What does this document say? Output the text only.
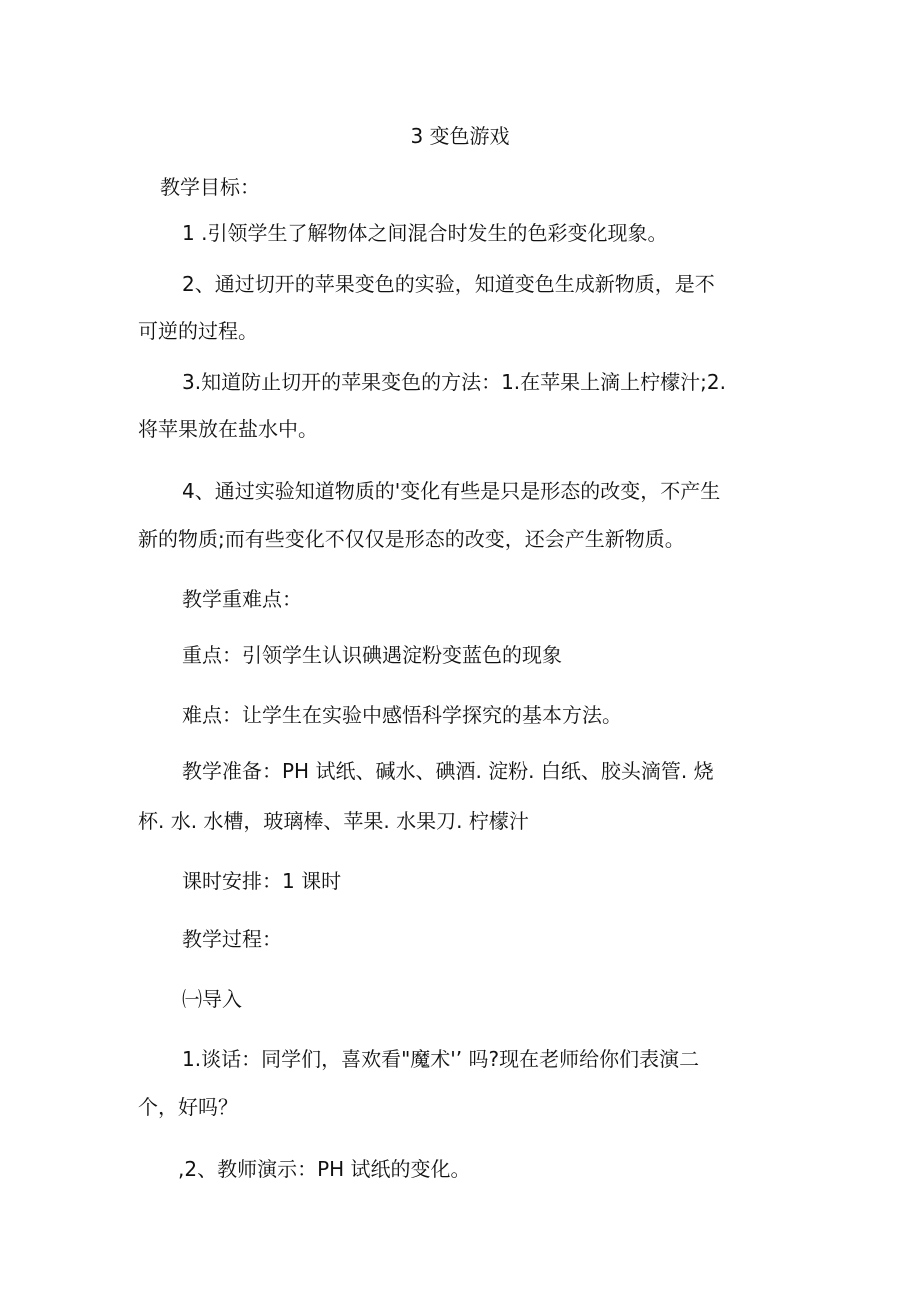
3 变色游戏
教学目标：
1 .引领学生了解物体之间混合时发生的色彩变化现象。
2、通过切开的苹果变色的实验，知道变色生成新物质，是不
可逆的过程。
3.知道防止切开的苹果变色的方法：1.在苹果上滴上柠檬汁;2.
将苹果放在盐水中。
4、通过实验知道物质的'变化有些是只是形态的改变，不产生
新的物质;而有些变化不仅仅是形态的改变，还会产生新物质。
教学重难点：
重点：引领学生认识碘遇淀粉变蓝色的现象
难点：让学生在实验中感悟科学探究的基本方法。
教学准备：PH 试纸、碱水、碘酒. 淀粉. 白纸、胶头滴管. 烧
杯. 水. 水槽，玻璃棒、苹果. 水果刀. 柠檬汁
课时安排：1 课时
教学过程：
㈠导入
1.谈话：同学们，喜欢看"魔术'’ 吗?现在老师给你们表演二
个，好吗？
,2、教师演示：PH 试纸的变化。
